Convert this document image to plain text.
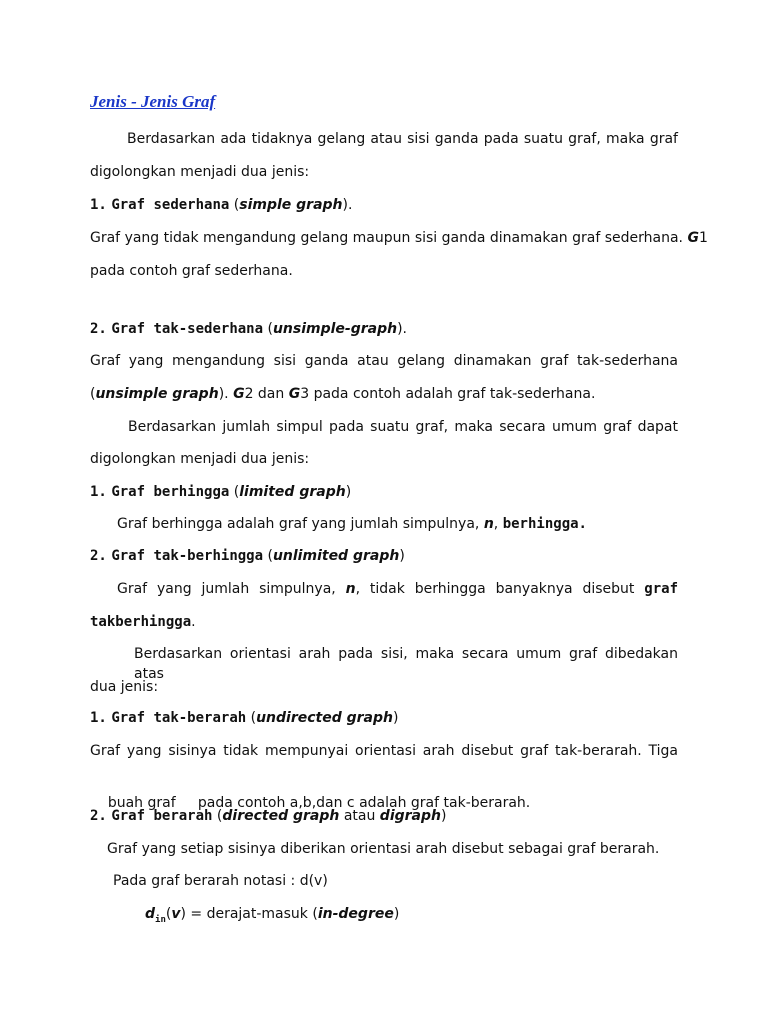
Jenis - Jenis Graf
Berdasarkan ada tidaknya gelang atau sisi ganda pada suatu graf, maka graf
digolongkan menjadi dua jenis:
1. Graf sederhana (simple graph).
Graf yang tidak mengandung gelang maupun sisi ganda dinamakan graf sederhana. G1
pada contoh graf sederhana.
2. Graf tak-sederhana (unsimple-graph).
Graf yang mengandung sisi ganda atau gelang dinamakan graf tak-sederhana
(unsimple graph). G2 dan G3 pada contoh adalah graf tak-sederhana.
Berdasarkan jumlah simpul pada suatu graf, maka secara umum graf dapat
digolongkan menjadi dua jenis:
1. Graf berhingga (limited graph)
Graf berhingga adalah graf yang jumlah simpulnya, n, berhingga.
2. Graf tak-berhingga (unlimited graph)
Graf yang jumlah simpulnya, n, tidak berhingga banyaknya disebut graf
takberhingga.
Berdasarkan orientasi arah pada sisi, maka secara umum graf dibedakan atas
dua jenis:
1. Graf tak-berarah (undirected graph)
Graf yang sisinya tidak mempunyai orientasi arah disebut graf tak-berarah. Tiga

buah graf     pada contoh a,b,dan c adalah graf tak-berarah.

2. Graf berarah (directed graph atau digraph)
Graf yang setiap sisinya diberikan orientasi arah disebut sebagai graf berarah.
Pada graf berarah notasi : d(v)
$d_{in}(v)$ = derajat-masuk (in-degree)
